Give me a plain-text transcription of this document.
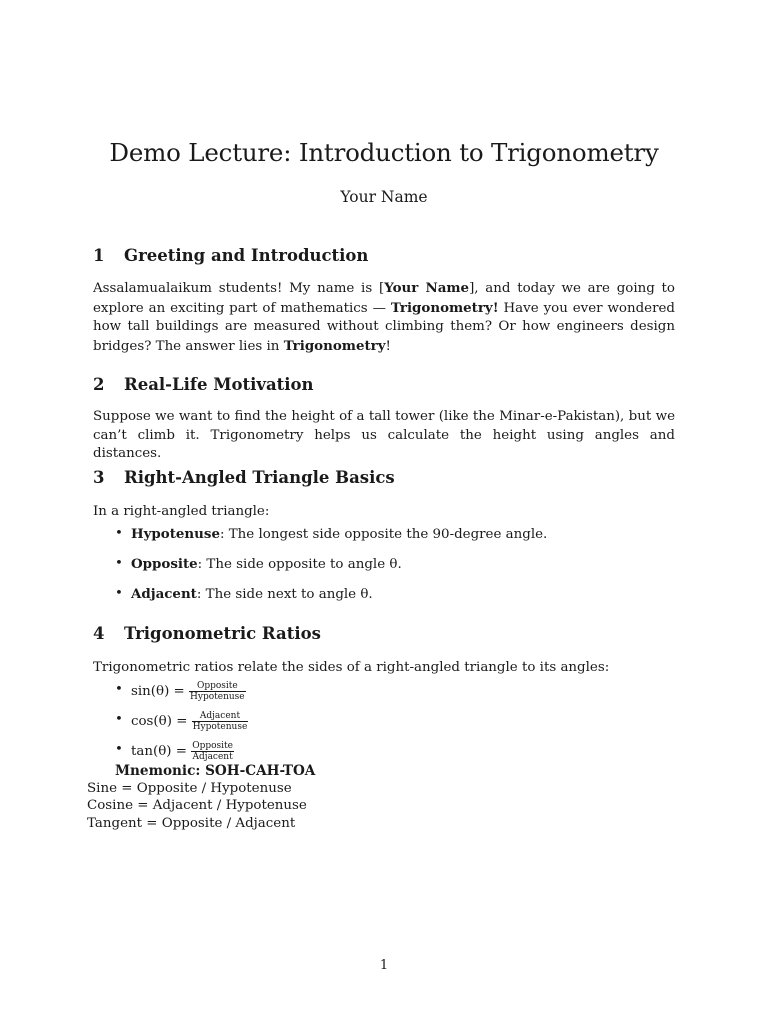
Demo Lecture: Introduction to Trigonometry

Your Name

1	Greeting and Introduction

Assalamualaikum students! My name is [Your Name], and today we are going to explore an exciting part of mathematics — Trigonometry! Have you ever wondered how tall buildings are measured without climbing them? Or how engineers design bridges? The answer lies in Trigonometry!

2	Real-Life Motivation

Suppose we want to find the height of a tall tower (like the Minar-e-Pakistan), but we can’t climb it. Trigonometry helps us calculate the height using angles and distances.

3	Right-Angled Triangle Basics

In a right-angled triangle:

• Hypotenuse: The longest side opposite the 90-degree angle.
• Opposite: The side opposite to angle θ.
• Adjacent: The side next to angle θ.
4	Trigonometric Ratios

Trigonometric ratios relate the sides of a right-angled triangle to its angles:

• $\sin(\theta) = \frac{\text{Opposite}}{\text{Hypotenuse}}$
• $\cos(\theta) = \frac{\text{Adjacent}}{\text{Hypotenuse}}$
• $\tan(\theta) = \frac{\text{Opposite}}{\text{Adjacent}}$
Mnemonic: SOH-CAH-TOA
Sine = Opposite / Hypotenuse
Cosine = Adjacent / Hypotenuse
Tangent = Opposite / Adjacent
1
